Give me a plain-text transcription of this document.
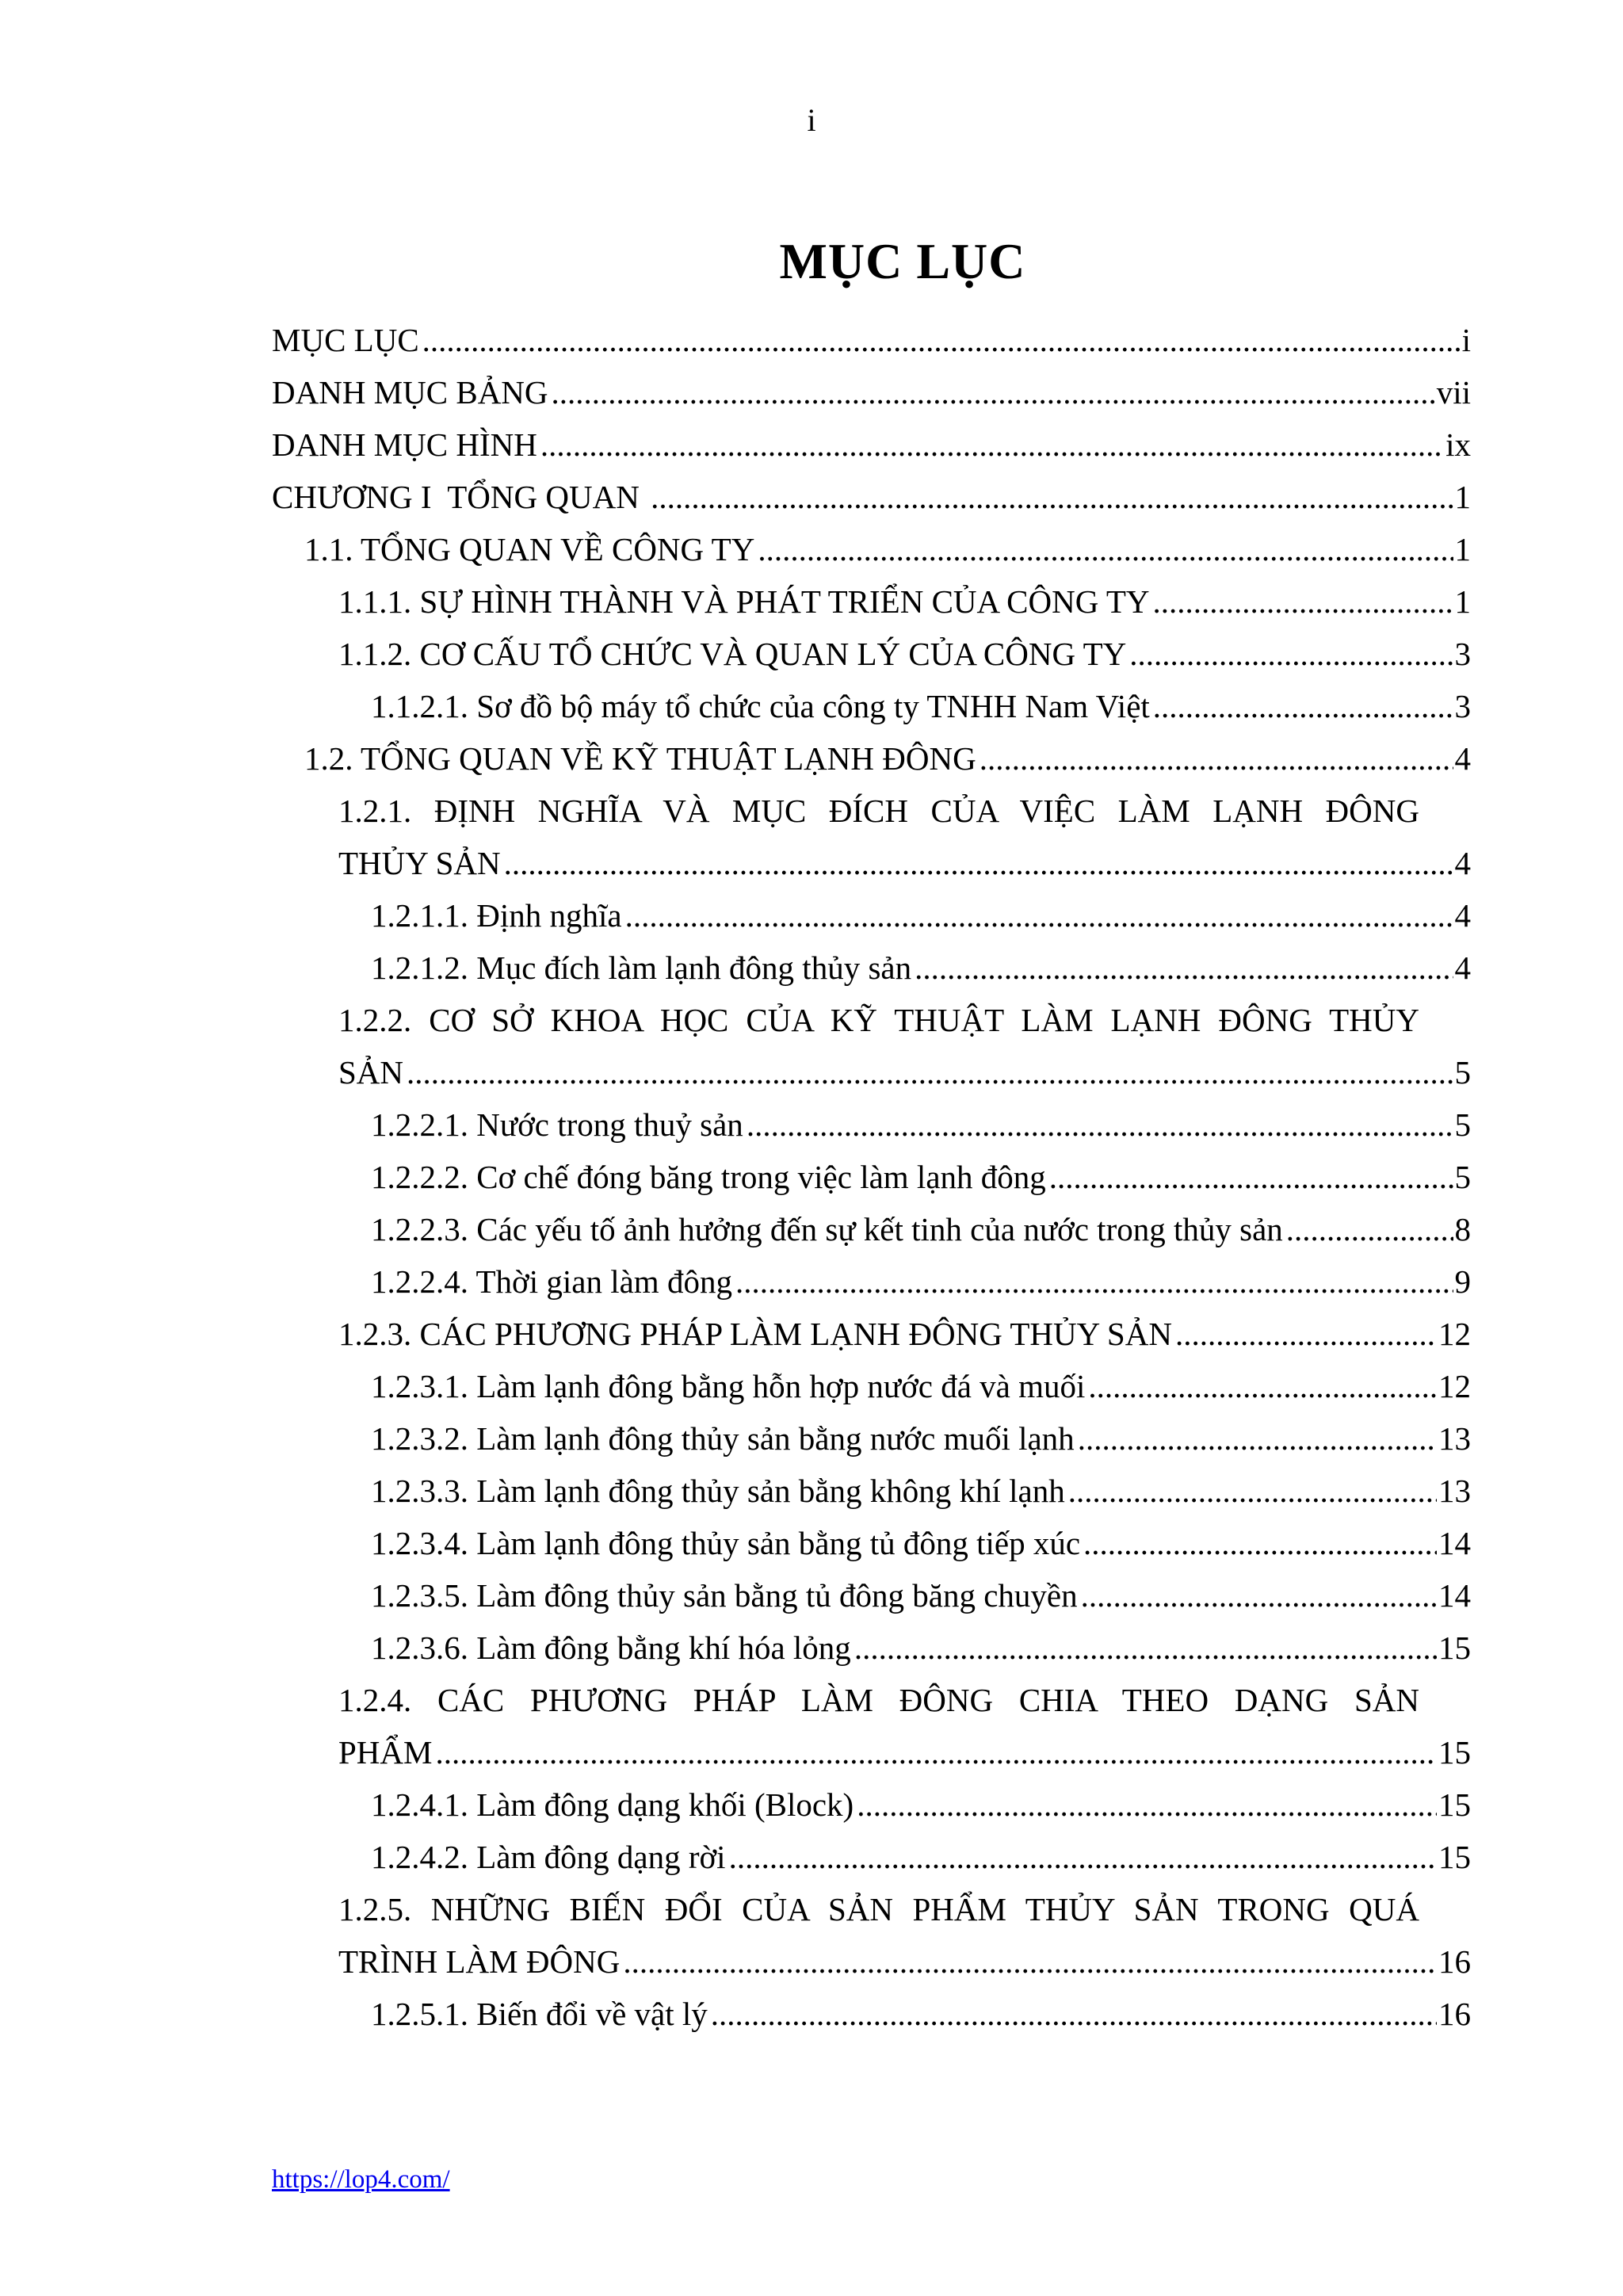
i
MỤC LỤC
MỤC LỤC .....	i
DANH MỤC BẢNG .....	vii
DANH MỤC HÌNH .....	ix
CHƯƠNG I  TỔNG QUAN .....	1
1.1. TỔNG QUAN VỀ CÔNG TY .....	1
1.1.1. SỰ HÌNH THÀNH VÀ PHÁT TRIỂN CỦA CÔNG TY .....	1
1.1.2. CƠ CẤU TỔ CHỨC VÀ QUAN LÝ CỦA CÔNG TY .....	3
1.1.2.1. Sơ đồ bộ máy tổ chức của công ty TNHH Nam Việt .....	3
1.2. TỔNG QUAN VỀ KỸ THUẬT LẠNH ĐÔNG .....	4
1.2.1. ĐỊNH NGHĨA VÀ MỤC ĐÍCH CỦA VIỆC LÀM LẠNH ĐÔNG
THỦY SẢN .....	4
1.2.1.1. Định nghĩa .....	4
1.2.1.2. Mục đích làm lạnh đông thủy sản .....	4
1.2.2. CƠ SỞ KHOA HỌC CỦA KỸ THUẬT LÀM LẠNH ĐÔNG THỦY
SẢN .....	5
1.2.2.1. Nước trong thuỷ sản .....	5
1.2.2.2. Cơ chế đóng băng trong việc làm lạnh đông .....	5
1.2.2.3. Các yếu tố ảnh hưởng đến sự kết tinh của nước trong thủy sản .....	8
1.2.2.4. Thời gian làm đông .....	9
1.2.3. CÁC PHƯƠNG PHÁP LÀM LẠNH ĐÔNG THỦY SẢN .....	12
1.2.3.1. Làm lạnh đông bằng hỗn hợp nước đá và muối .....	12
1.2.3.2. Làm lạnh đông thủy sản bằng nước muối lạnh .....	13
1.2.3.3. Làm lạnh đông thủy sản bằng không khí lạnh .....	13
1.2.3.4. Làm lạnh đông thủy sản bằng tủ đông tiếp xúc .....	14
1.2.3.5. Làm đông thủy sản bằng tủ đông băng chuyền .....	14
1.2.3.6. Làm đông bằng khí hóa lỏng .....	15
1.2.4. CÁC PHƯƠNG PHÁP LÀM ĐÔNG CHIA THEO DẠNG SẢN
PHẨM .....	15
1.2.4.1. Làm đông dạng khối (Block) .....	15
1.2.4.2. Làm đông dạng rời .....	15
1.2.5. NHỮNG BIẾN ĐỔI CỦA SẢN PHẨM THỦY SẢN TRONG QUÁ
TRÌNH LÀM ĐÔNG .....	16
1.2.5.1. Biến đổi về vật lý .....	16
https://lop4.com/
